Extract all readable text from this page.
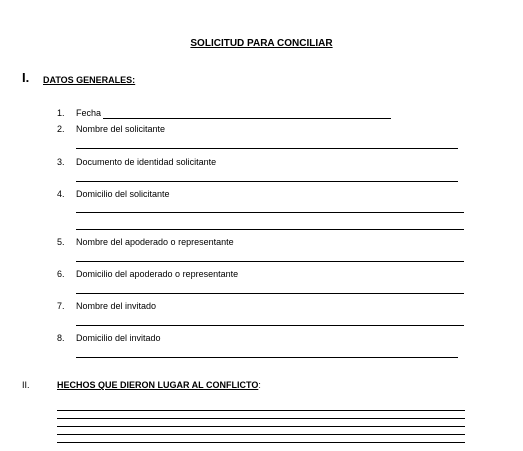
SOLICITUD PARA CONCILIAR
I. DATOS GENERALES:
1. Fecha
2. Nombre del solicitante
3. Documento de identidad solicitante
4. Domicilio del solicitante
5. Nombre del apoderado o representante
6. Domicilio del apoderado o representante
7. Nombre del invitado
8. Domicilio del invitado
II.	HECHOS QUE DIERON LUGAR AL CONFLICTO:
